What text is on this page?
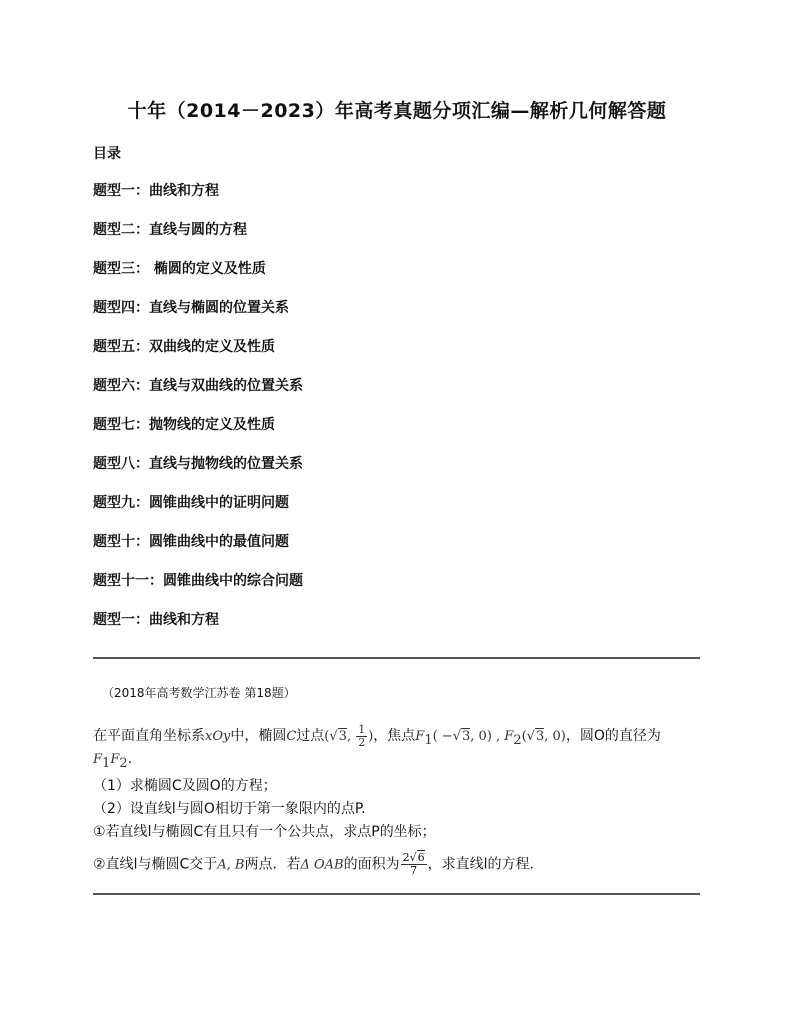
十年（2014－2023）年高考真题分项汇编—解析几何解答题
目录
题型一：曲线和方程
题型二：直线与圆的方程
题型三： 椭圆的定义及性质
题型四：直线与椭圆的位置关系
题型五：双曲线的定义及性质
题型六：直线与双曲线的位置关系
题型七：抛物线的定义及性质
题型八：直线与抛物线的位置关系
题型九：圆锥曲线中的证明问题
题型十：圆锥曲线中的最值问题
题型十一：圆锥曲线中的综合问题
题型一：曲线和方程
（2018年高考数学江苏卷 第18题）
在平面直角坐标系xOy中，椭圆C过点(√3, $\frac{1}{2}$ )，焦点$F_1( -√3$, 0) , $F_2(√3$, 0)，圆O的直径为
$F_1F_2$.
（1）求椭圆C及圆O的方程；
（2）设直线l与圆O相切于第一象限内的点P.
①若直线l与椭圆C有且只有一个公共点，求点P的坐标；
②直线l与椭圆C交于A, B两点．若Δ OAB的面积为 $\frac{2√6}{7}$ ，求直线l的方程.
